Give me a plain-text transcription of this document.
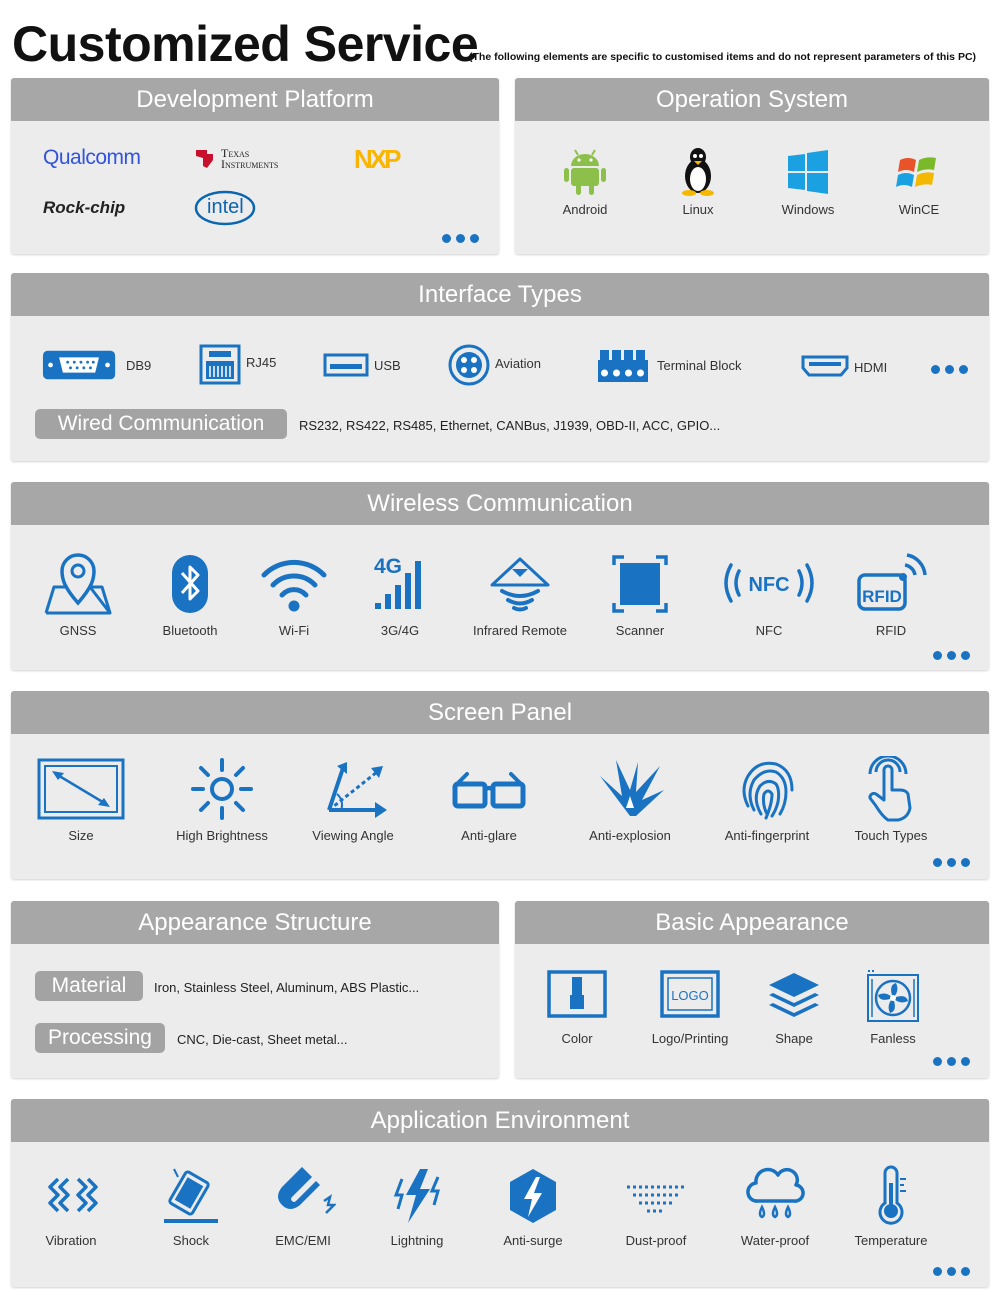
Customized Service
(The following elements are specific to customised items and do not represent parameters of this PC)
Development Platform
Qualcomm	Texas
Instruments	NXP
Rock-chip	intel
Operation System
Android	Linux	Windows	WinCE
Interface Types
DB9	RJ45	USB	Aviation	Terminal Block	HDMI
Wired Communication	RS232, RS422, RS485, Ethernet, CANBus, J1939, OBD-II, ACC, GPIO...
Wireless Communication
GNSS	Bluetooth	Wi-Fi
4G
3G/4G	Infrared Remote	Scanner
NFC
NFC
RFID
RFID
Screen Panel
Size	High Brightness	Viewing Angle	Anti-glare	Anti-explosion	Anti-fingerprint	Touch Types
Appearance Structure
Material	Iron, Stainless Steel, Aluminum, ABS Plastic...
Processing	CNC, Die-cast, Sheet metal...
Basic Appearance
Color
LOGO
Logo/Printing	Shape	Fanless
Application Environment
Vibration	Shock	EMC/EMI	Lightning	Anti-surge	Dust-proof	Water-proof	Temperature
